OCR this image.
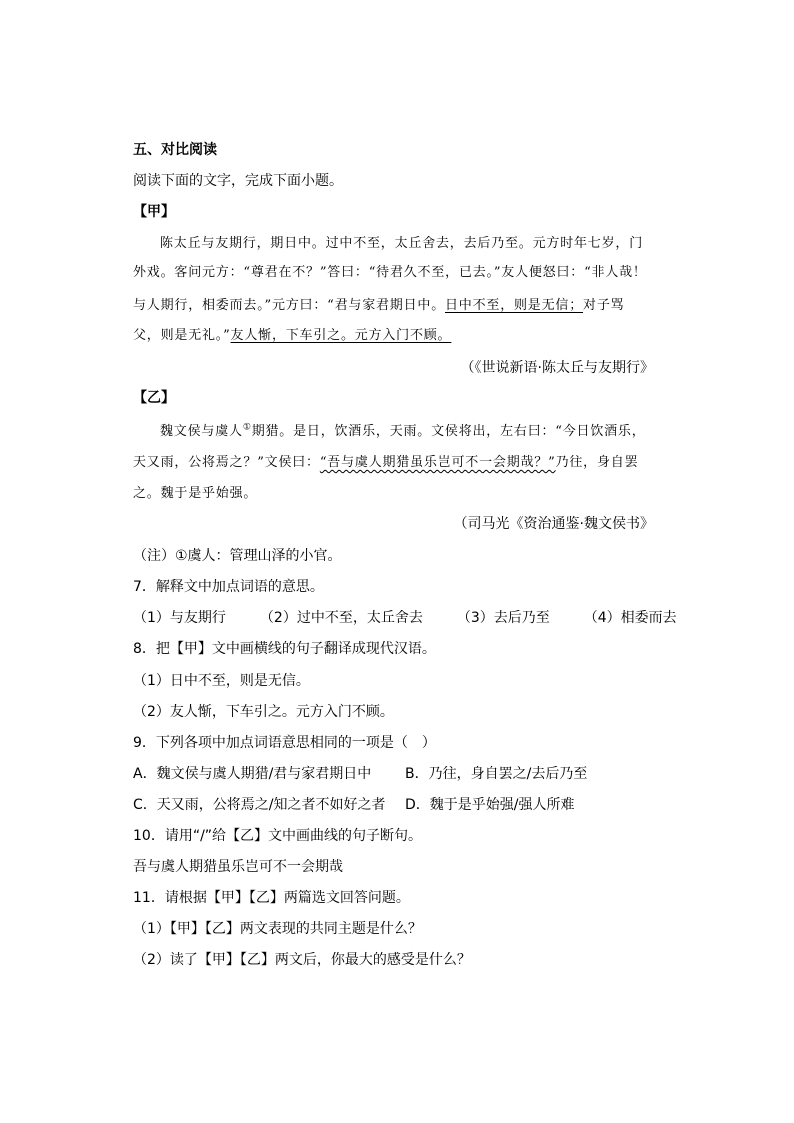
五、对比阅读
阅读下面的文字，完成下面小题。
【甲】
陈太丘与友期行，期日中。过中不至，太丘舍去，去后乃至。元方时年七岁，门
外戏。客问元方：“尊君在不？”答曰：“待君久不至，已去。”友人便怒曰：“非人哉！
与人期行，相委而去。”元方曰：“君与家君期日中。日中不至，则是无信；对子骂
父，则是无礼。”友人惭，下车引之。元方入门不顾。
（《世说新语·陈太丘与友期行》
【乙】
魏文侯与虞人①期猎。是日，饮酒乐，天雨。文侯将出，左右曰：“今日饮酒乐，
天又雨，公将焉之？”文侯曰：“吾与虞人期猎虽乐岂可不一会期哉？”乃往，身自罢
之。魏于是乎始强。
（司马光《资治通鉴·魏文侯书》
（注）①虞人：管理山泽的小官。
7．解释文中加点词语的意思。
（1）与友期行 （2）过中不至，太丘舍去 （3）去后乃至 （4）相委而去
8．把【甲】文中画横线的句子翻译成现代汉语。
（1）日中不至，则是无信。
（2）友人惭，下车引之。元方入门不顾。
9．下列各项中加点词语意思相同的一项是（　）
A．魏文侯与虞人期猎/君与家君期日中 B．乃往，身自罢之/去后乃至
C．天又雨，公将焉之/知之者不如好之者 D．魏于是乎始强/强人所难
10．请用“/”给【乙】文中画曲线的句子断句。
吾与虞人期猎虽乐岂可不一会期哉
11．请根据【甲】【乙】两篇选文回答问题。
（1）【甲】【乙】两文表现的共同主题是什么？
（2）读了【甲】【乙】两文后，你最大的感受是什么？
